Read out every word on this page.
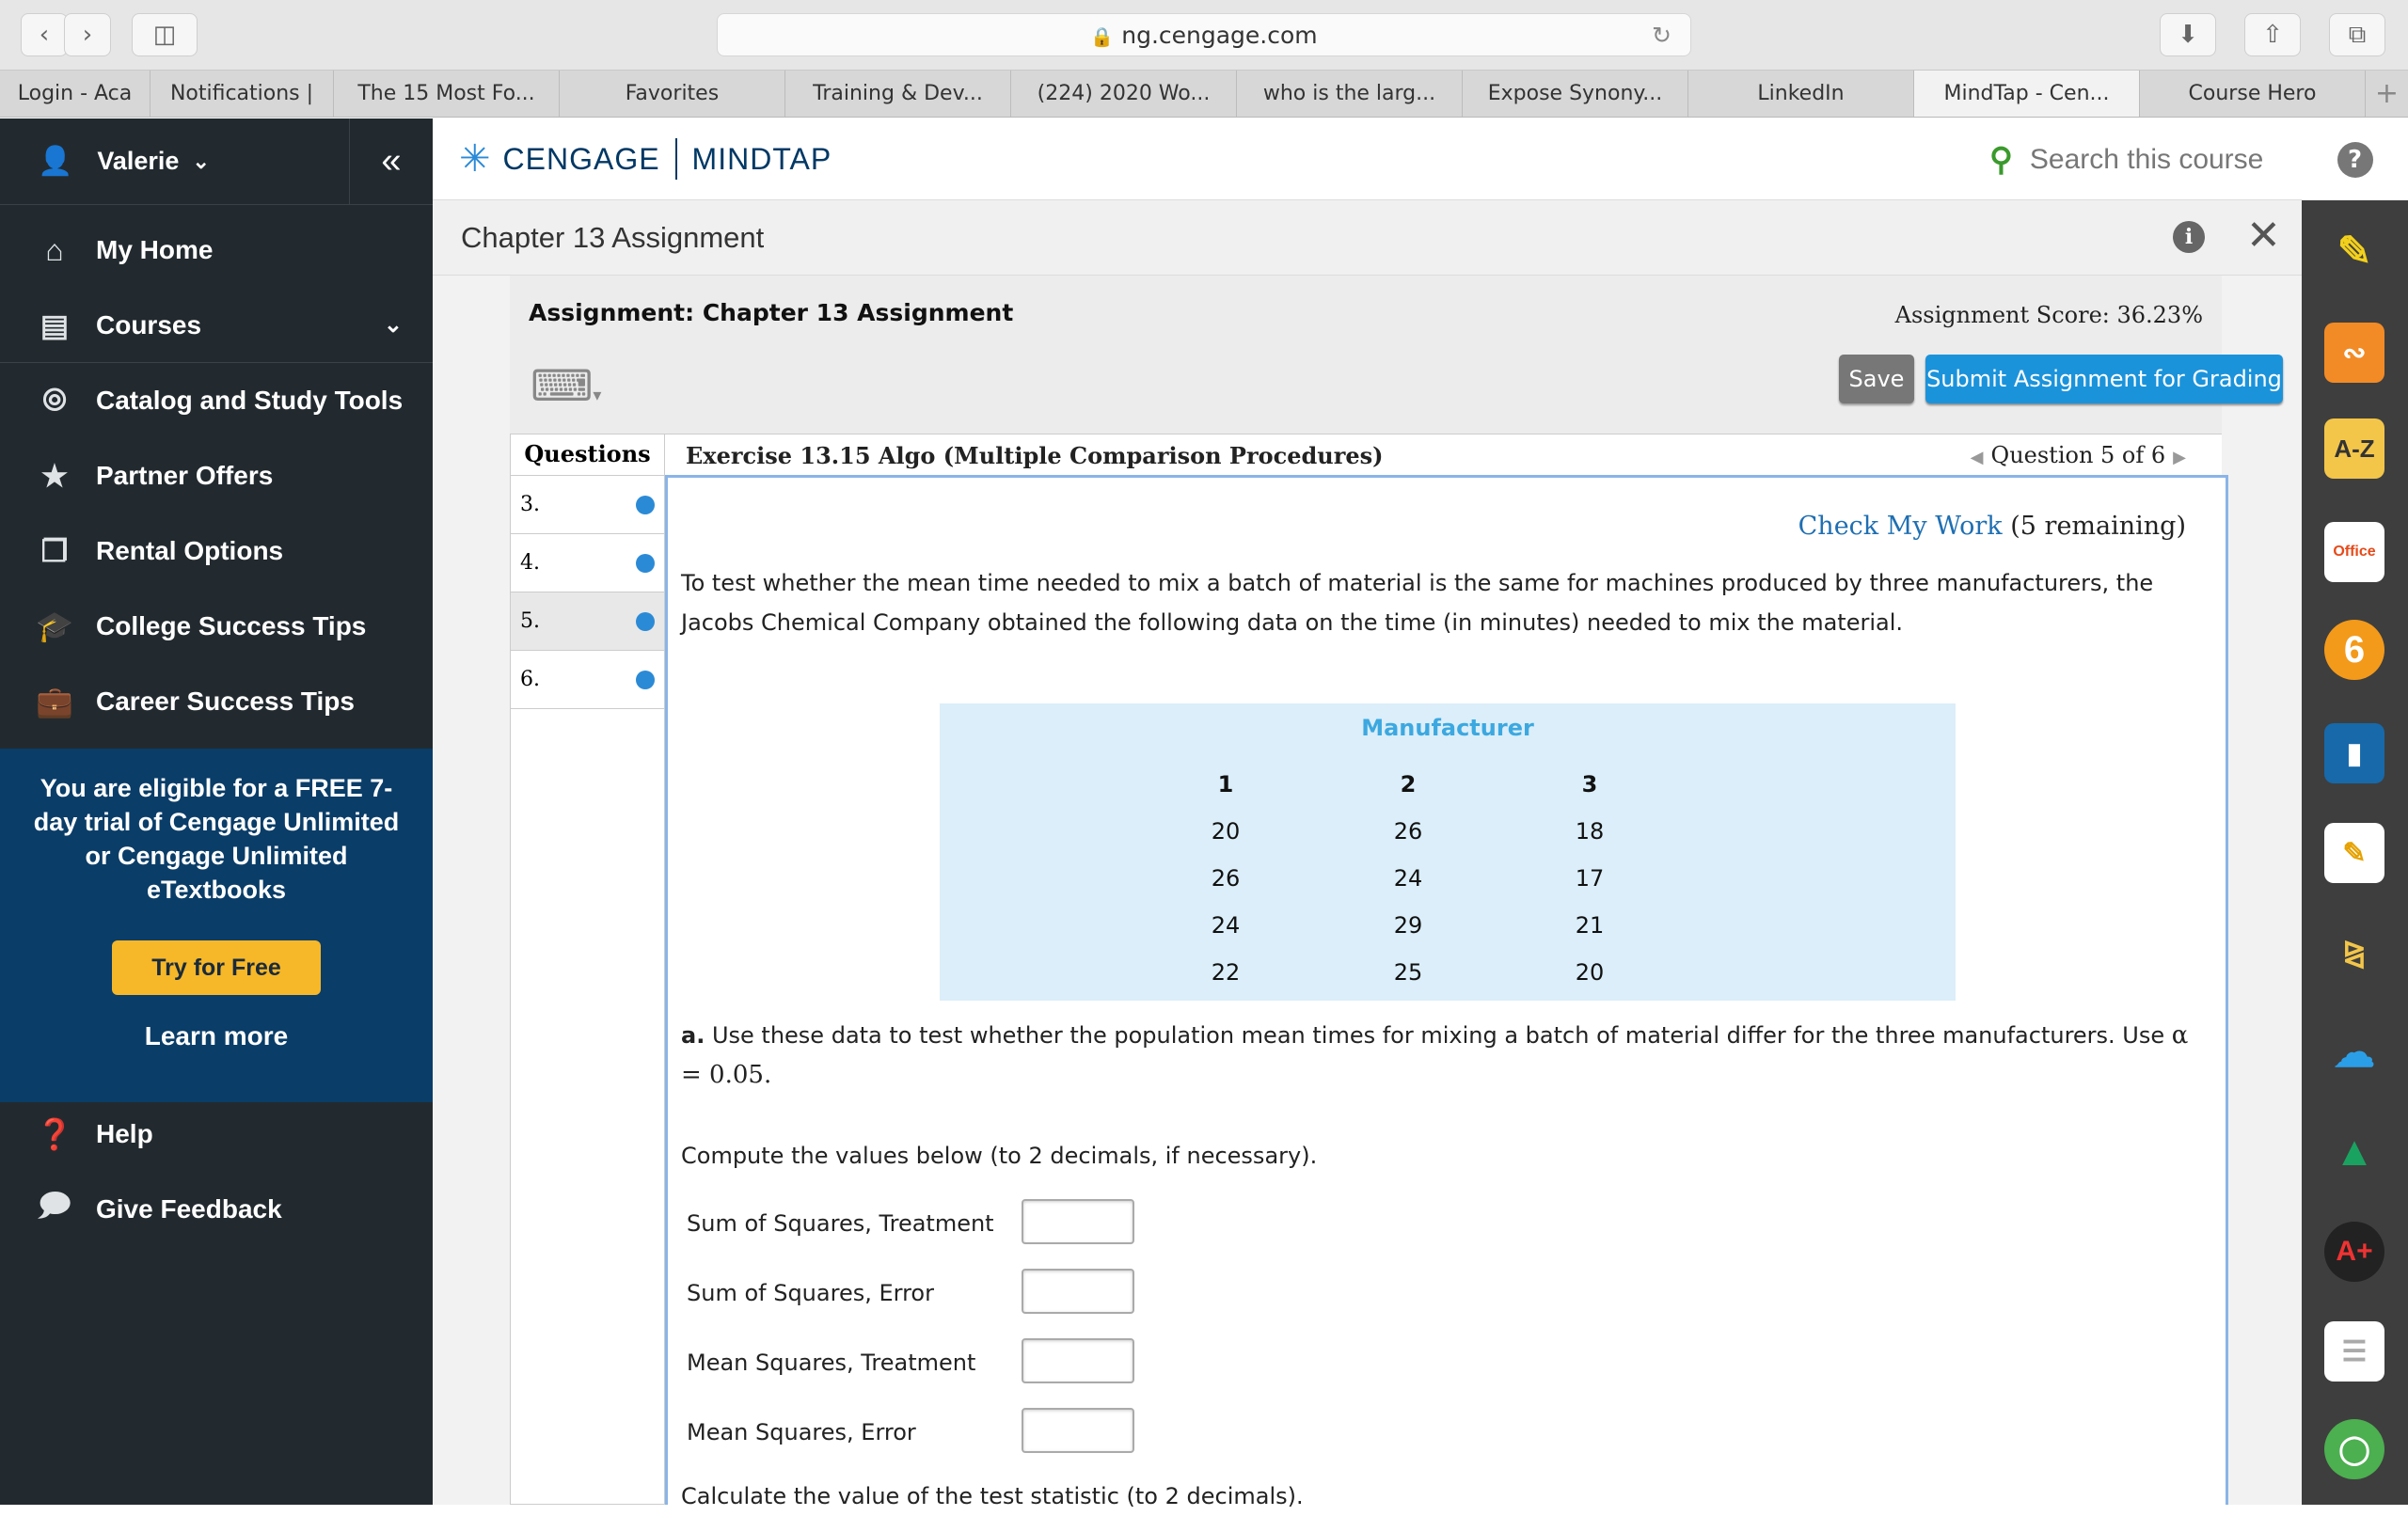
‹	›	◫	🔒 ng.cengage.com	↻	⬇	⇧	⧉
Login - Aca	Notifications |	The 15 Most Fo...	Favorites	Training & Dev...	(224) 2020 Wo...	who is the larg...	Expose Synony...	LinkedIn	MindTap - Cen...	Course Hero	+
👤 Valerie ⌄	«
⌂	My Home
▤ Courses	⌄
⦾	Catalog and Study Tools
★ Partner Offers
❐ Rental Options
🎓 College Success Tips
💼 Career Success Tips
You are eligible for a FREE 7-day trial of Cengage Unlimited or Cengage Unlimited eTextbooks
Try for Free
Learn more
❓ Help
🗩 Give Feedback
✳ CENGAGE MINDTAP	⚲ Search this course	?
Chapter 13 Assignment	i ✕
Assignment: Chapter 13 Assignment	Assignment Score: 36.23%
⌨▾
Save Submit Assignment for Grading
Questions
3.
4.
5.
6.
Exercise 13.15 Algo (Multiple Comparison Procedures)	◀ Question 5 of 6 ▶
Check My Work (5 remaining)
To test whether the mean time needed to mix a batch of material is the same for machines produced by three manufacturers, the Jacobs Chemical Company obtained the following data on the time (in minutes) needed to mix the material.
Manufacturer
1	2	3
20	26	18
26	24	17
24	29	21
22	25	20
a. Use these data to test whether the population mean times for mixing a batch of material differ for the three manufacturers. Use α = 0.05.
Compute the values below (to 2 decimals, if necessary).
Sum of Squares, Treatment
Sum of Squares, Error
Mean Squares, Treatment
Mean Squares, Error
Calculate the value of the test statistic (to 2 decimals).
✎
∾
A-Z
Office
6
▮
✎
⧎
☁
▲
A+
☰
◯
